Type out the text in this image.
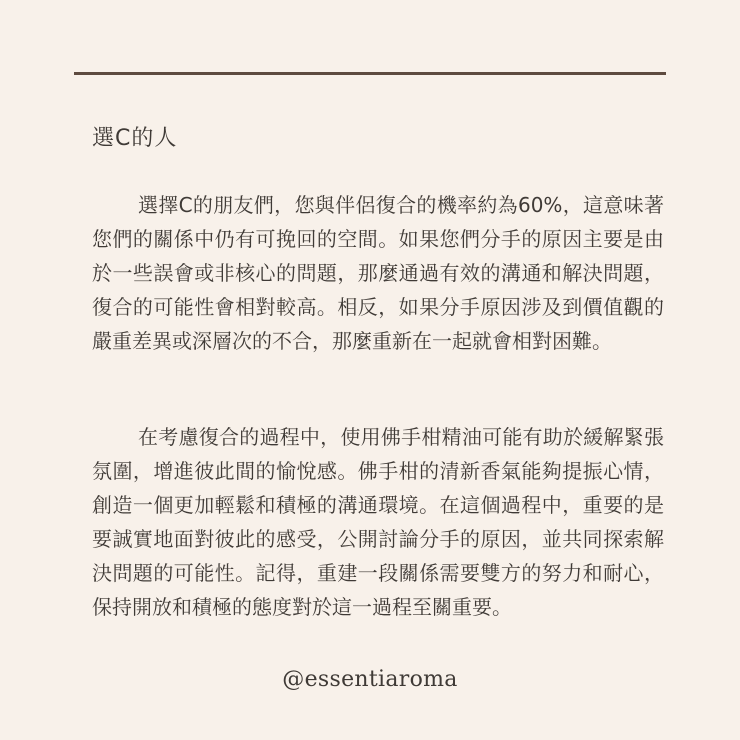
選C的人

選擇C的朋友們，您與伴侶復合的機率約為60%，這意味著您們的關係中仍有可挽回的空間。如果您們分手的原因主要是由於一些誤會或非核心的問題，那麼通過有效的溝通和解決問題，復合的可能性會相對較高。相反，如果分手原因涉及到價值觀的嚴重差異或深層次的不合，那麼重新在一起就會相對困難。

在考慮復合的過程中，使用佛手柑精油可能有助於緩解緊張氛圍，增進彼此間的愉悅感。佛手柑的清新香氣能夠提振心情，創造一個更加輕鬆和積極的溝通環境。在這個過程中，重要的是要誠實地面對彼此的感受，公開討論分手的原因，並共同探索解決問題的可能性。記得，重建一段關係需要雙方的努力和耐心，保持開放和積極的態度對於這一過程至關重要。

@essentiaroma
